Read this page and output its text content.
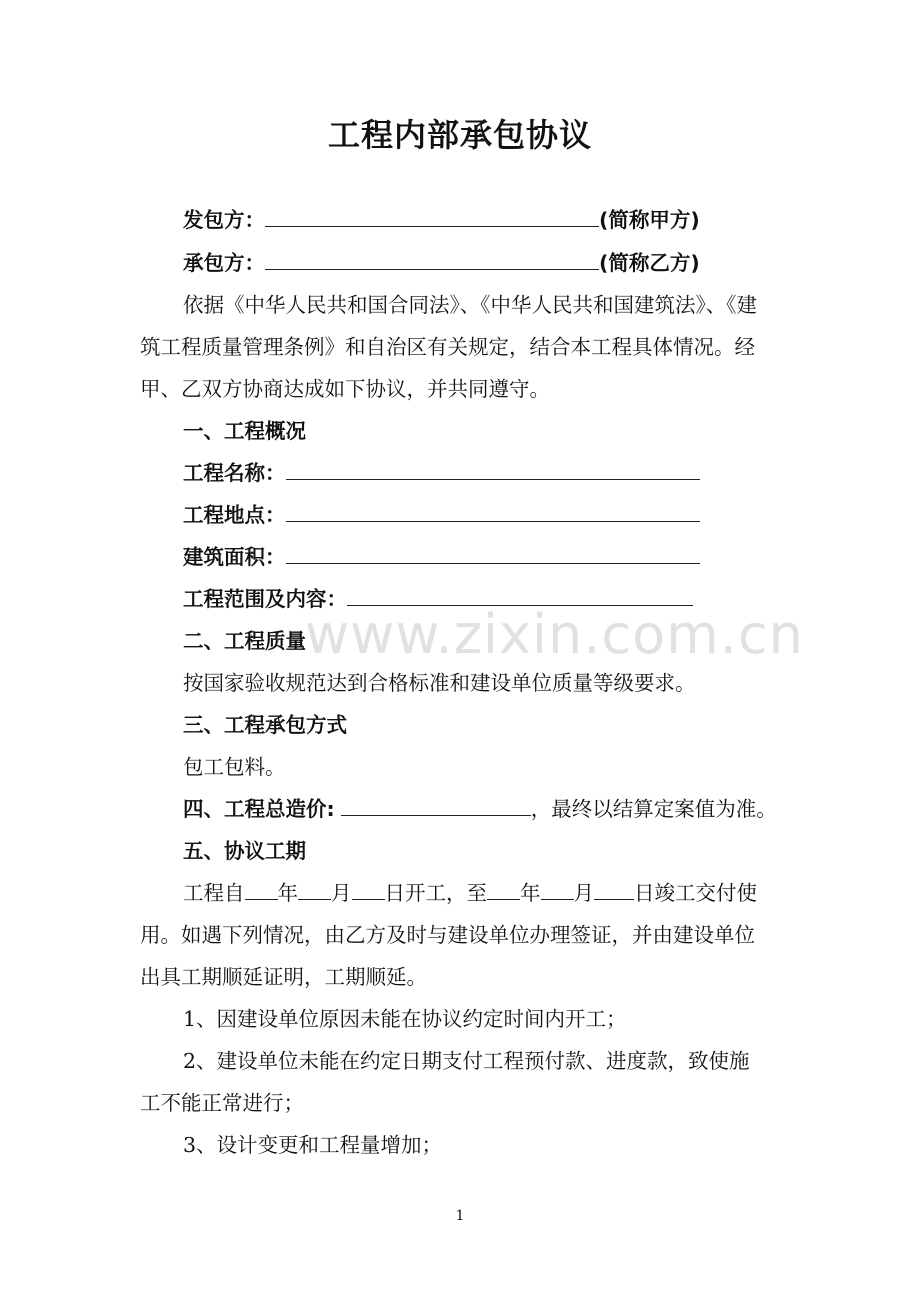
工程内部承包协议
发包方：	(简称甲方)
承包方：	(简称乙方)
依据《中华人民共和国合同法》、《中华人民共和国建筑法》、《建
筑工程质量管理条例》和自治区有关规定，结合本工程具体情况。经
甲、乙双方协商达成如下协议，并共同遵守。
一、工程概况
工程名称：
工程地点：
建筑面积：
工程范围及内容：
二、工程质量
按国家验收规范达到合格标准和建设单位质量等级要求。
三、工程承包方式
包工包料。
四、工程总造价:	，最终以结算定案值为准。
五、协议工期
工程自 年 月 日开工，至 年 月 日竣工交付使
用。如遇下列情况，由乙方及时与建设单位办理签证，并由建设单位
出具工期顺延证明，工期顺延。
1、因建设单位原因未能在协议约定时间内开工；
2、建设单位未能在约定日期支付工程预付款、进度款，致使施
工不能正常进行；
3、设计变更和工程量增加；
www.zixin.com.cn
1
